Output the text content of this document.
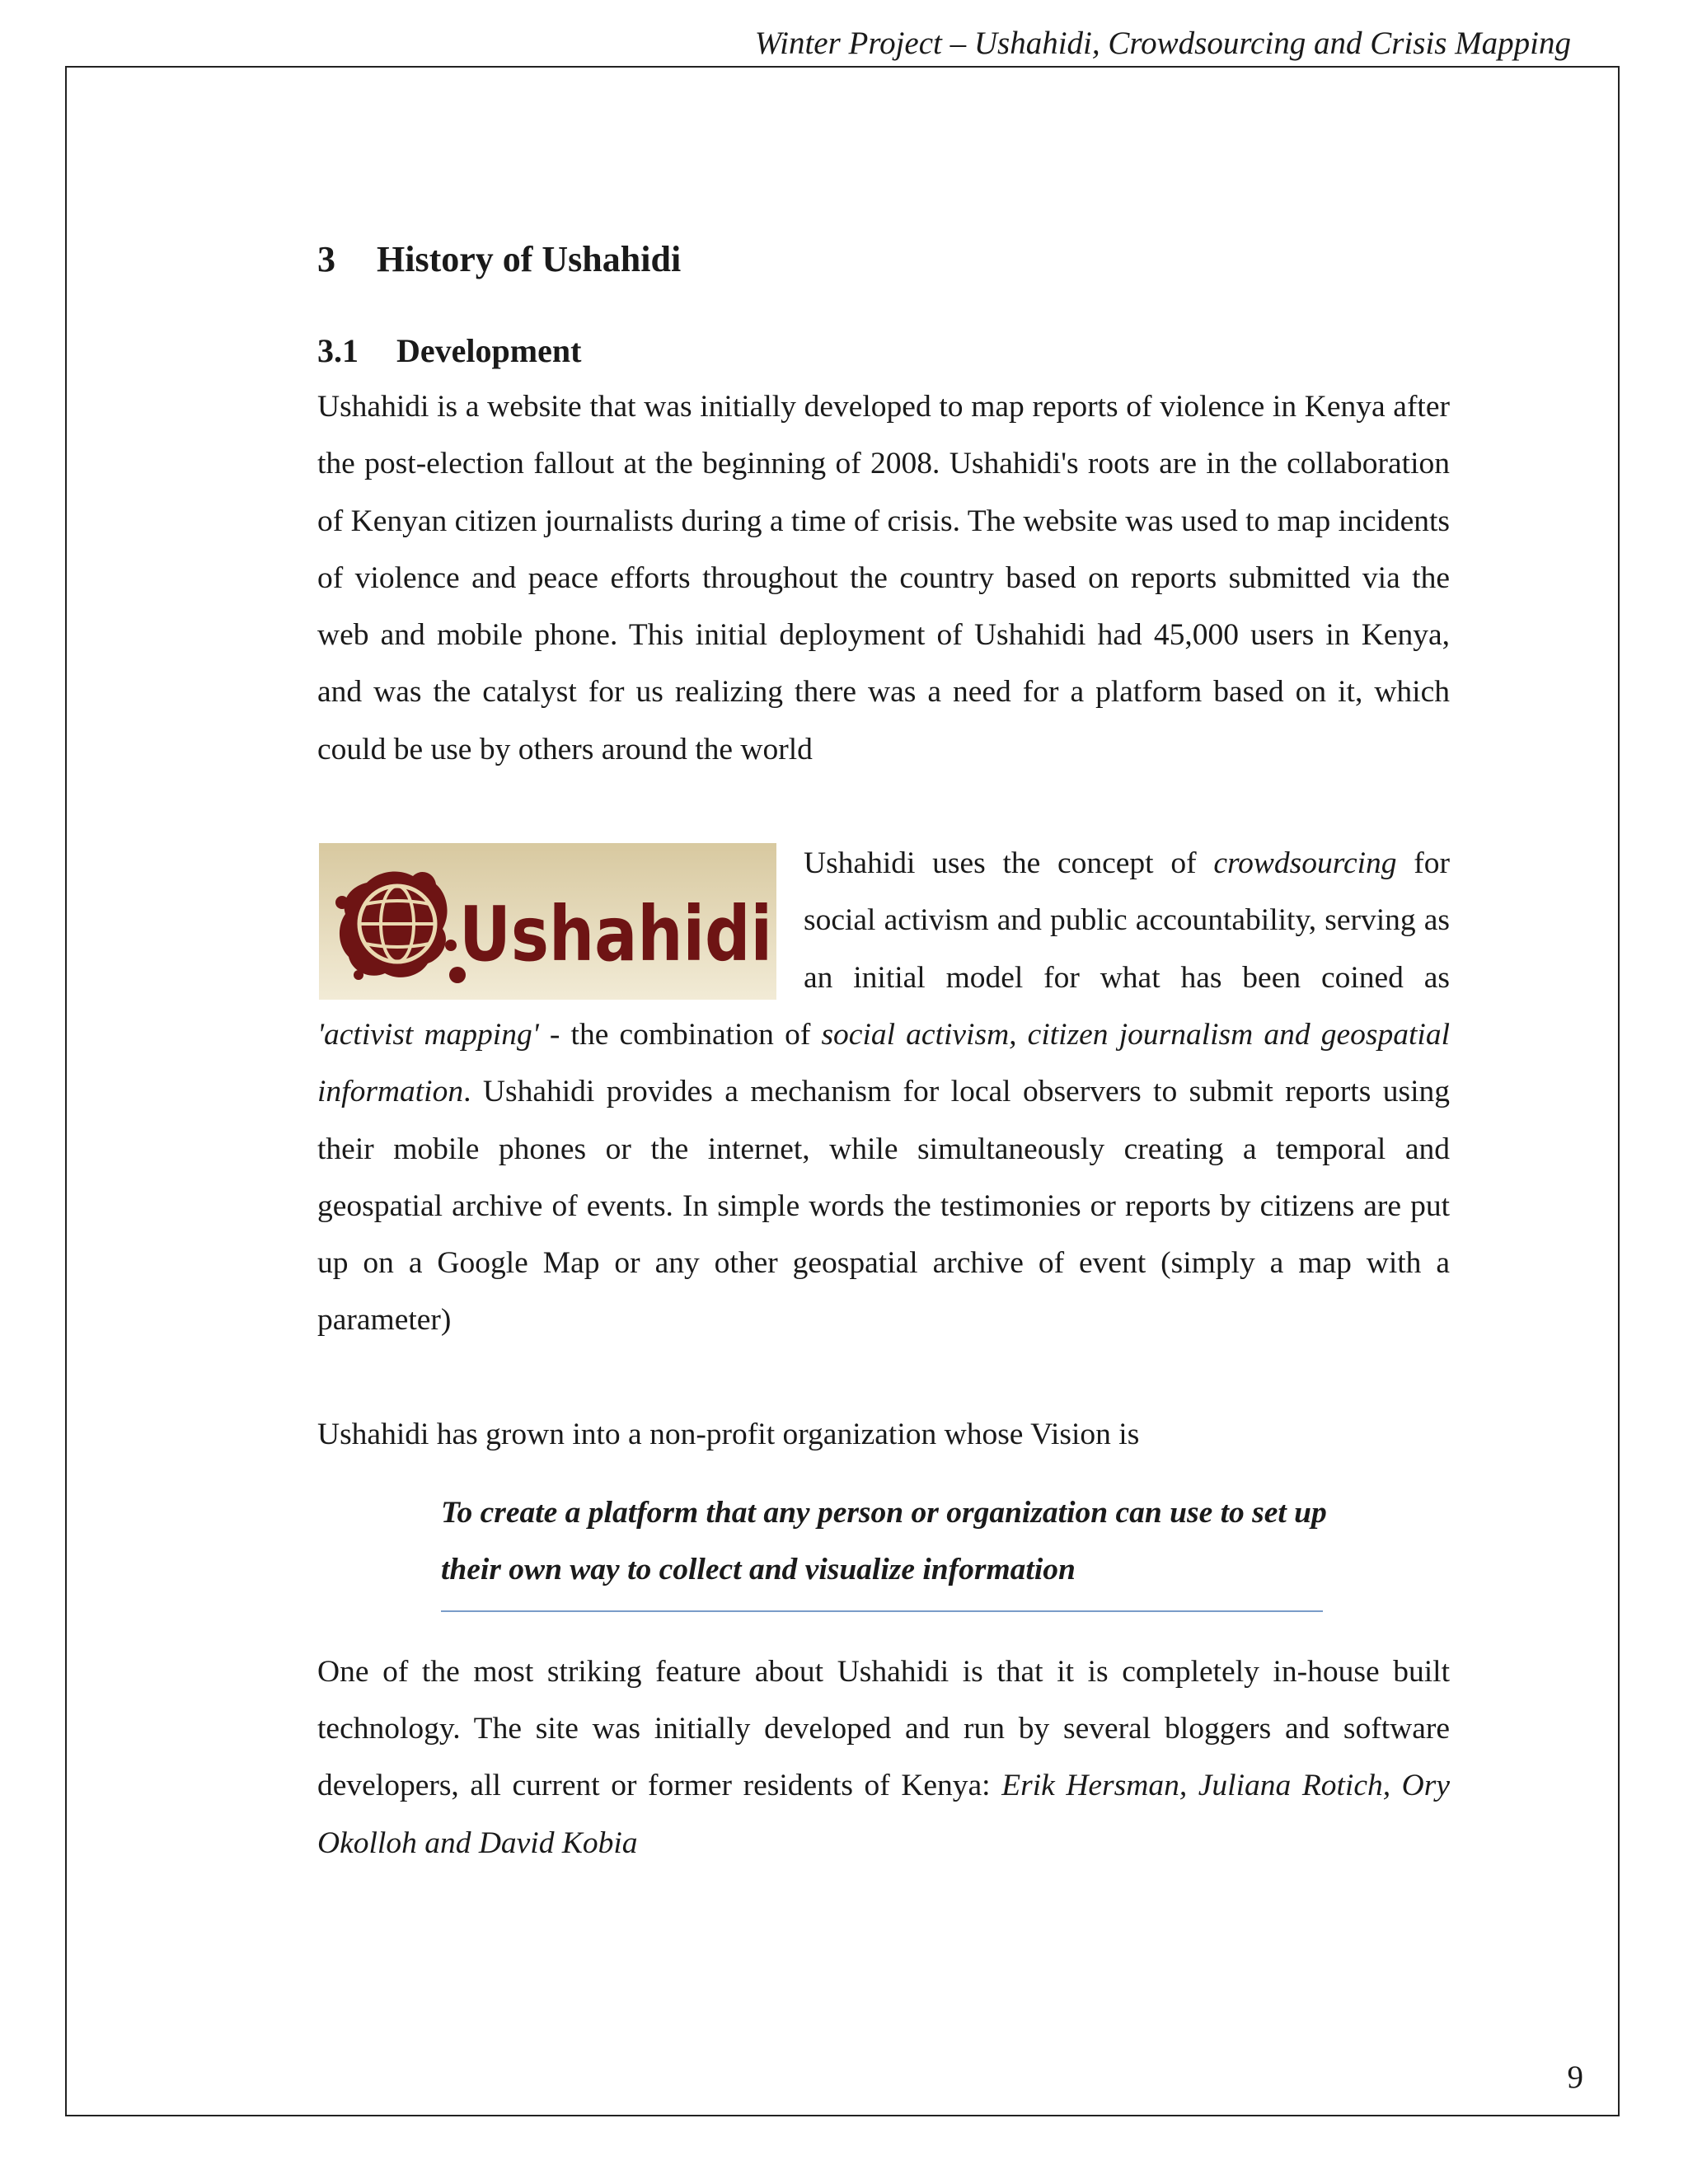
Winter Project – Ushahidi, Crowdsourcing and Crisis Mapping
3 History of Ushahidi
3.1 Development

Ushahidi is a website that was initially developed to map reports of violence in Kenya after the post-election fallout at the beginning of 2008. Ushahidi's roots are in the collaboration of Kenyan citizen journalists during a time of crisis. The website was used to map incidents of violence and peace efforts throughout the country based on reports submitted via the web and mobile phone. This initial deployment of Ushahidi had 45,000 users in Kenya, and was the catalyst for us realizing there was a need for a platform based on it, which could be use by others around the world

Ushahidi
Ushahidi uses the concept of crowdsourcing for social activism and public accountability, serving as an initial model for what has been coined as 'activist mapping' - the combination of social activism, citizen journalism and geospatial information. Ushahidi provides a mechanism for local observers to submit reports using their mobile phones or the internet, while simultaneously creating a temporal and geospatial archive of events. In simple words the testimonies or reports by citizens are put up on a Google Map or any other geospatial archive of event (simply a map with a parameter)

Ushahidi has grown into a non-profit organization whose Vision is

To create a platform that any person or organization can use to set up their own way to collect and visualize information

One of the most striking feature about Ushahidi is that it is completely in-house built technology. The site was initially developed and run by several bloggers and software developers, all current or former residents of Kenya: Erik Hersman, Juliana Rotich, Ory Okolloh and David Kobia

9
